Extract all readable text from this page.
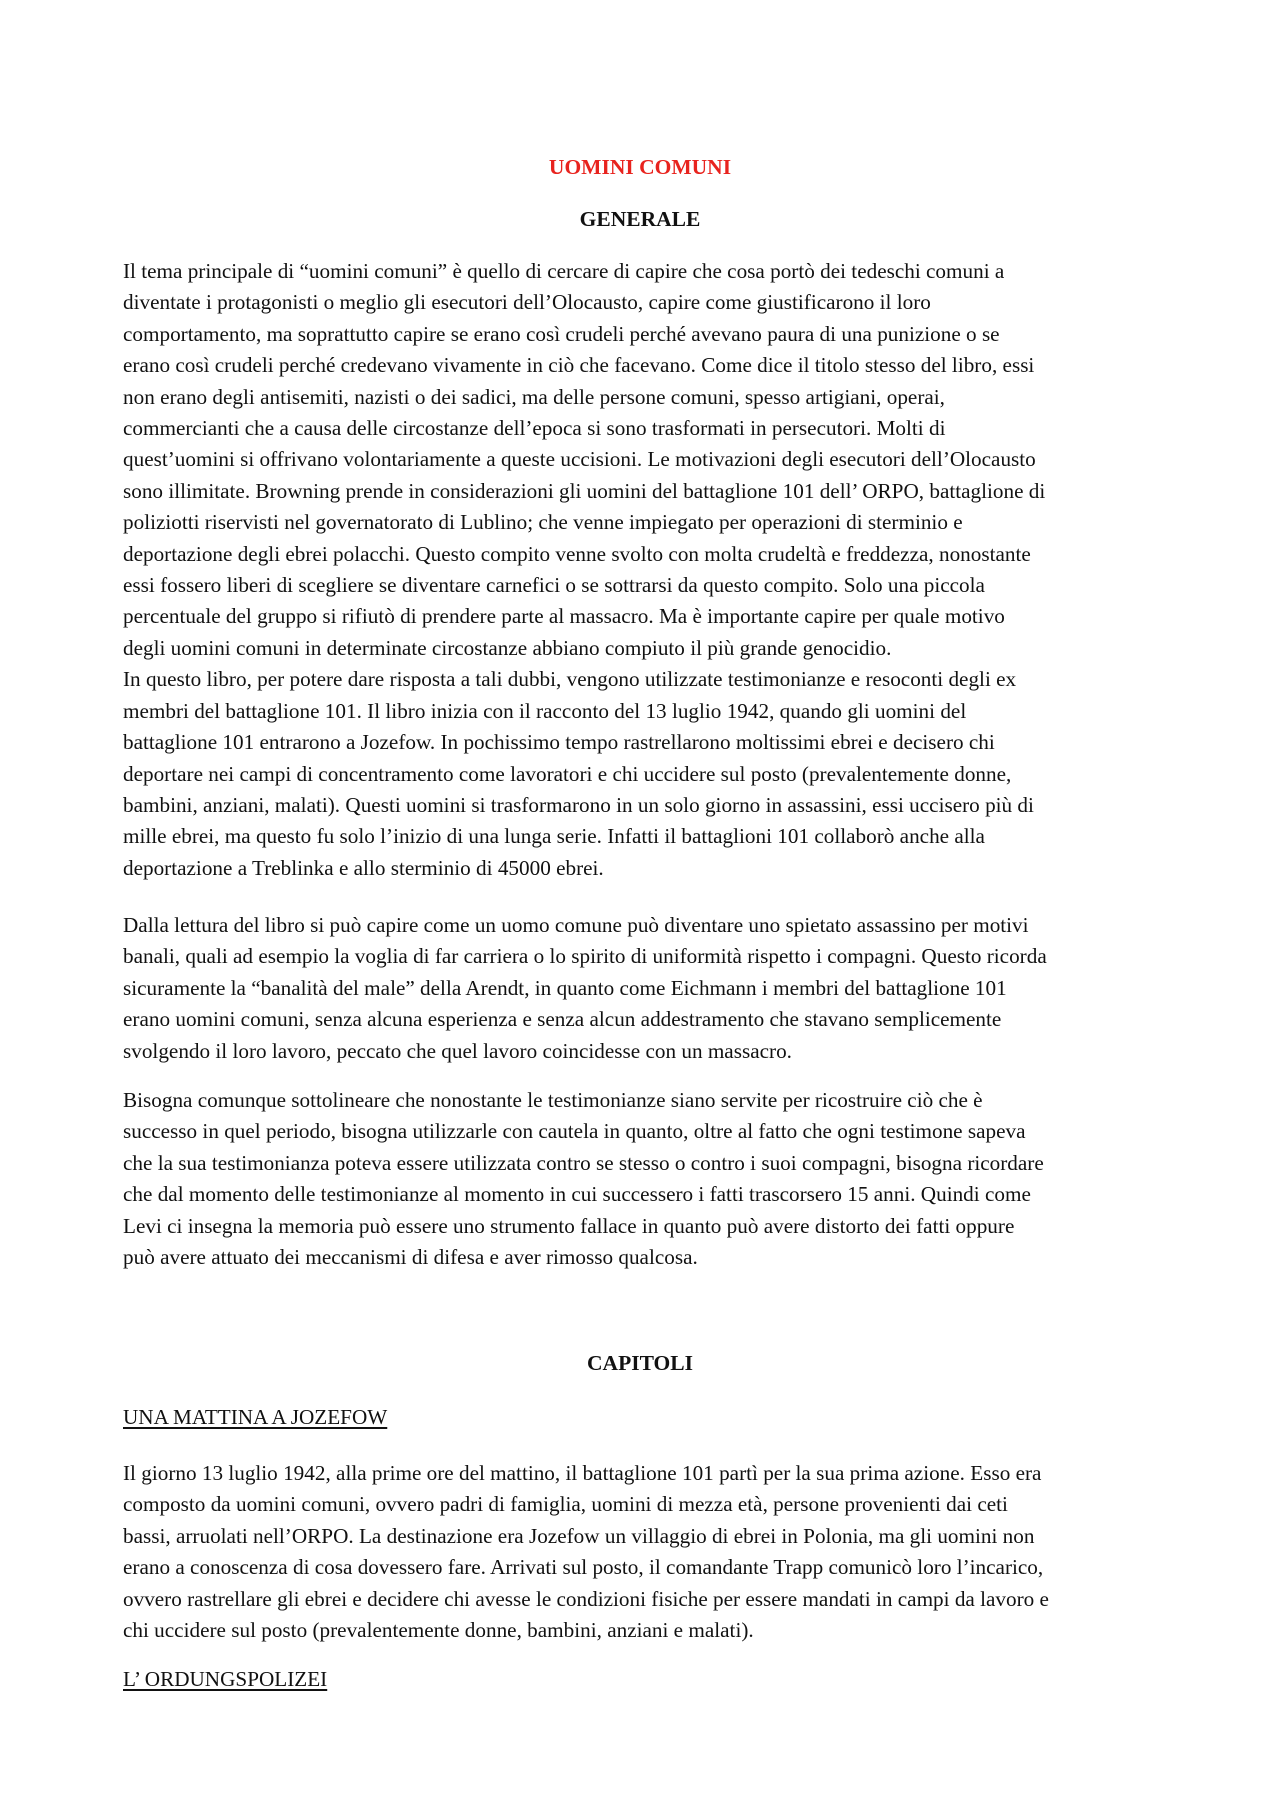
UOMINI COMUNI
GENERALE
Il tema principale di “uomini comuni” è quello di cercare di capire che cosa portò dei tedeschi comuni a
diventate i protagonisti o meglio gli esecutori dell’Olocausto, capire come giustificarono il loro
comportamento, ma soprattutto capire se erano così crudeli perché avevano paura di una punizione o se
erano così crudeli perché credevano vivamente in ciò che facevano. Come dice il titolo stesso del libro, essi
non erano degli antisemiti, nazisti o dei sadici, ma delle persone comuni, spesso artigiani, operai,
commercianti che a causa delle circostanze dell’epoca si sono trasformati in persecutori. Molti di
quest’uomini si offrivano volontariamente a queste uccisioni. Le motivazioni degli esecutori dell’Olocausto
sono illimitate. Browning prende in considerazioni gli uomini del battaglione 101 dell’ ORPO, battaglione di
poliziotti riservisti nel governatorato di Lublino; che venne impiegato per operazioni di sterminio e
deportazione degli ebrei polacchi. Questo compito venne svolto con molta crudeltà e freddezza, nonostante
essi fossero liberi di scegliere se diventare carnefici o se sottrarsi da questo compito. Solo una piccola
percentuale del gruppo si rifiutò di prendere parte al massacro. Ma è importante capire per quale motivo
degli uomini comuni in determinate circostanze abbiano compiuto il più grande genocidio.
In questo libro, per potere dare risposta a tali dubbi, vengono utilizzate testimonianze e resoconti degli ex
membri del battaglione 101. Il libro inizia con il racconto del 13 luglio 1942, quando gli uomini del
battaglione 101 entrarono a Jozefow. In pochissimo tempo rastrellarono moltissimi ebrei e decisero chi
deportare nei campi di concentramento come lavoratori e chi uccidere sul posto (prevalentemente donne,
bambini, anziani, malati). Questi uomini si trasformarono in un solo giorno in assassini, essi uccisero più di
mille ebrei, ma questo fu solo l’inizio di una lunga serie. Infatti il battaglioni 101 collaborò anche alla
deportazione a Treblinka e allo sterminio di 45000 ebrei.
Dalla lettura del libro si può capire come un uomo comune può diventare uno spietato assassino per motivi
banali, quali ad esempio la voglia di far carriera o lo spirito di uniformità rispetto i compagni. Questo ricorda
sicuramente la “banalità del male” della Arendt, in quanto come Eichmann i membri del battaglione 101
erano uomini comuni, senza alcuna esperienza e senza alcun addestramento che stavano semplicemente
svolgendo il loro lavoro, peccato che quel lavoro coincidesse con un massacro.
Bisogna comunque sottolineare che nonostante le testimonianze siano servite per ricostruire ciò che è
successo in quel periodo, bisogna utilizzarle con cautela in quanto, oltre al fatto che ogni testimone sapeva
che la sua testimonianza poteva essere utilizzata contro se stesso o contro i suoi compagni, bisogna ricordare
che dal momento delle testimonianze al momento in cui successero i fatti trascorsero 15 anni. Quindi come
Levi ci insegna la memoria può essere uno strumento fallace in quanto può avere distorto dei fatti oppure
può avere attuato dei meccanismi di difesa e aver rimosso qualcosa.
CAPITOLI
UNA MATTINA A JOZEFOW
Il giorno 13 luglio 1942, alla prime ore del mattino, il battaglione 101 partì per la sua prima azione. Esso era
composto da uomini comuni, ovvero padri di famiglia, uomini di mezza età, persone provenienti dai ceti
bassi, arruolati nell’ORPO. La destinazione era Jozefow un villaggio di ebrei in Polonia, ma gli uomini non
erano a conoscenza di cosa dovessero fare. Arrivati sul posto, il comandante Trapp comunicò loro l’incarico,
ovvero rastrellare gli ebrei e decidere chi avesse le condizioni fisiche per essere mandati in campi da lavoro e
chi uccidere sul posto (prevalentemente donne, bambini, anziani e malati).
L’ ORDUNGSPOLIZEI
